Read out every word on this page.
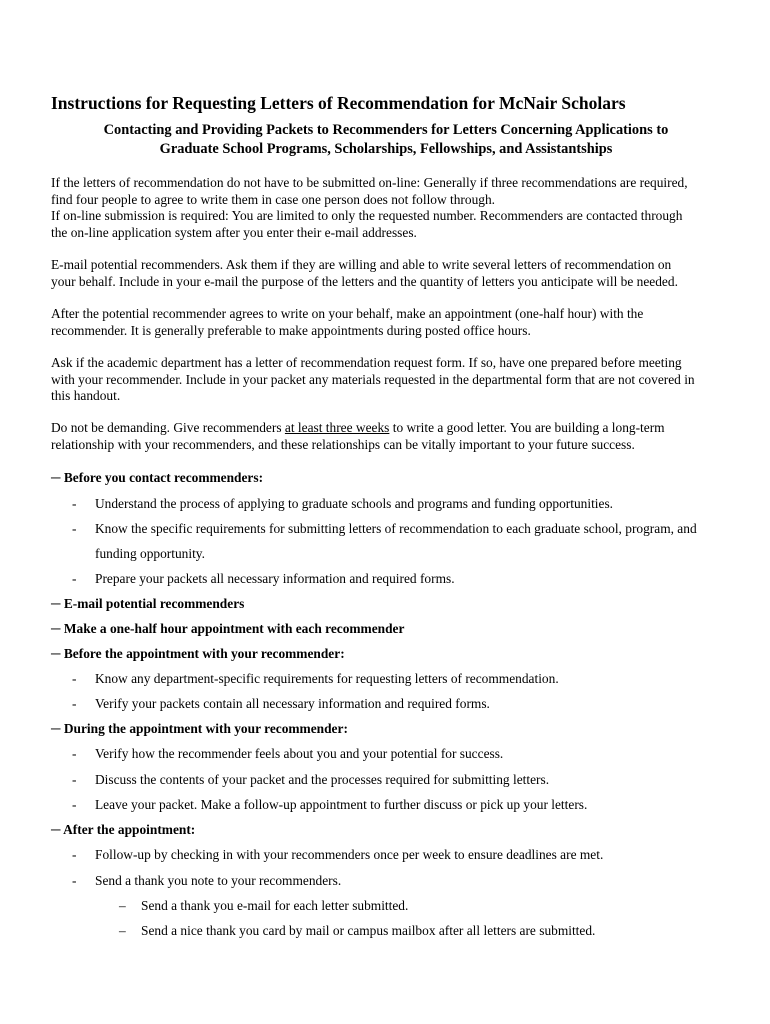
Instructions for Requesting Letters of Recommendation for McNair Scholars
Contacting and Providing Packets to Recommenders for Letters Concerning Applications to
Graduate School Programs, Scholarships, Fellowships, and Assistantships
If the letters of recommendation do not have to be submitted on-line: Generally if three recommendations are required,
find four people to agree to write them in case one person does not follow through.
If on-line submission is required: You are limited to only the requested number. Recommenders are contacted through
the on-line application system after you enter their e-mail addresses.
E-mail potential recommenders. Ask them if they are willing and able to write several letters of recommendation on
your behalf. Include in your e-mail the purpose of the letters and the quantity of letters you anticipate will be needed.
After the potential recommender agrees to write on your behalf, make an appointment (one-half hour) with the
recommender. It is generally preferable to make appointments during posted office hours.
Ask if the academic department has a letter of recommendation request form. If so, have one prepared before meeting
with your recommender. Include in your packet any materials requested in the departmental form that are not covered in
this handout.
Do not be demanding. Give recommenders at least three weeks to write a good letter. You are building a long-term
relationship with your recommenders, and these relationships can be vitally important to your future success.
─ Before you contact recommenders:
- Understand the process of applying to graduate schools and programs and funding opportunities.
- Know the specific requirements for submitting letters of recommendation to each graduate school, program, and
funding opportunity.
- Prepare your packets all necessary information and required forms.
─ E-mail potential recommenders
─ Make a one-half hour appointment with each recommender
─ Before the appointment with your recommender:
- Know any department-specific requirements for requesting letters of recommendation.
- Verify your packets contain all necessary information and required forms.
─ During the appointment with your recommender:
- Verify how the recommender feels about you and your potential for success.
- Discuss the contents of your packet and the processes required for submitting letters.
- Leave your packet. Make a follow-up appointment to further discuss or pick up your letters.
─ After the appointment:
- Follow-up by checking in with your recommenders once per week to ensure deadlines are met.
- Send a thank you note to your recommenders.
– Send a thank you e-mail for each letter submitted.
– Send a nice thank you card by mail or campus mailbox after all letters are submitted.
